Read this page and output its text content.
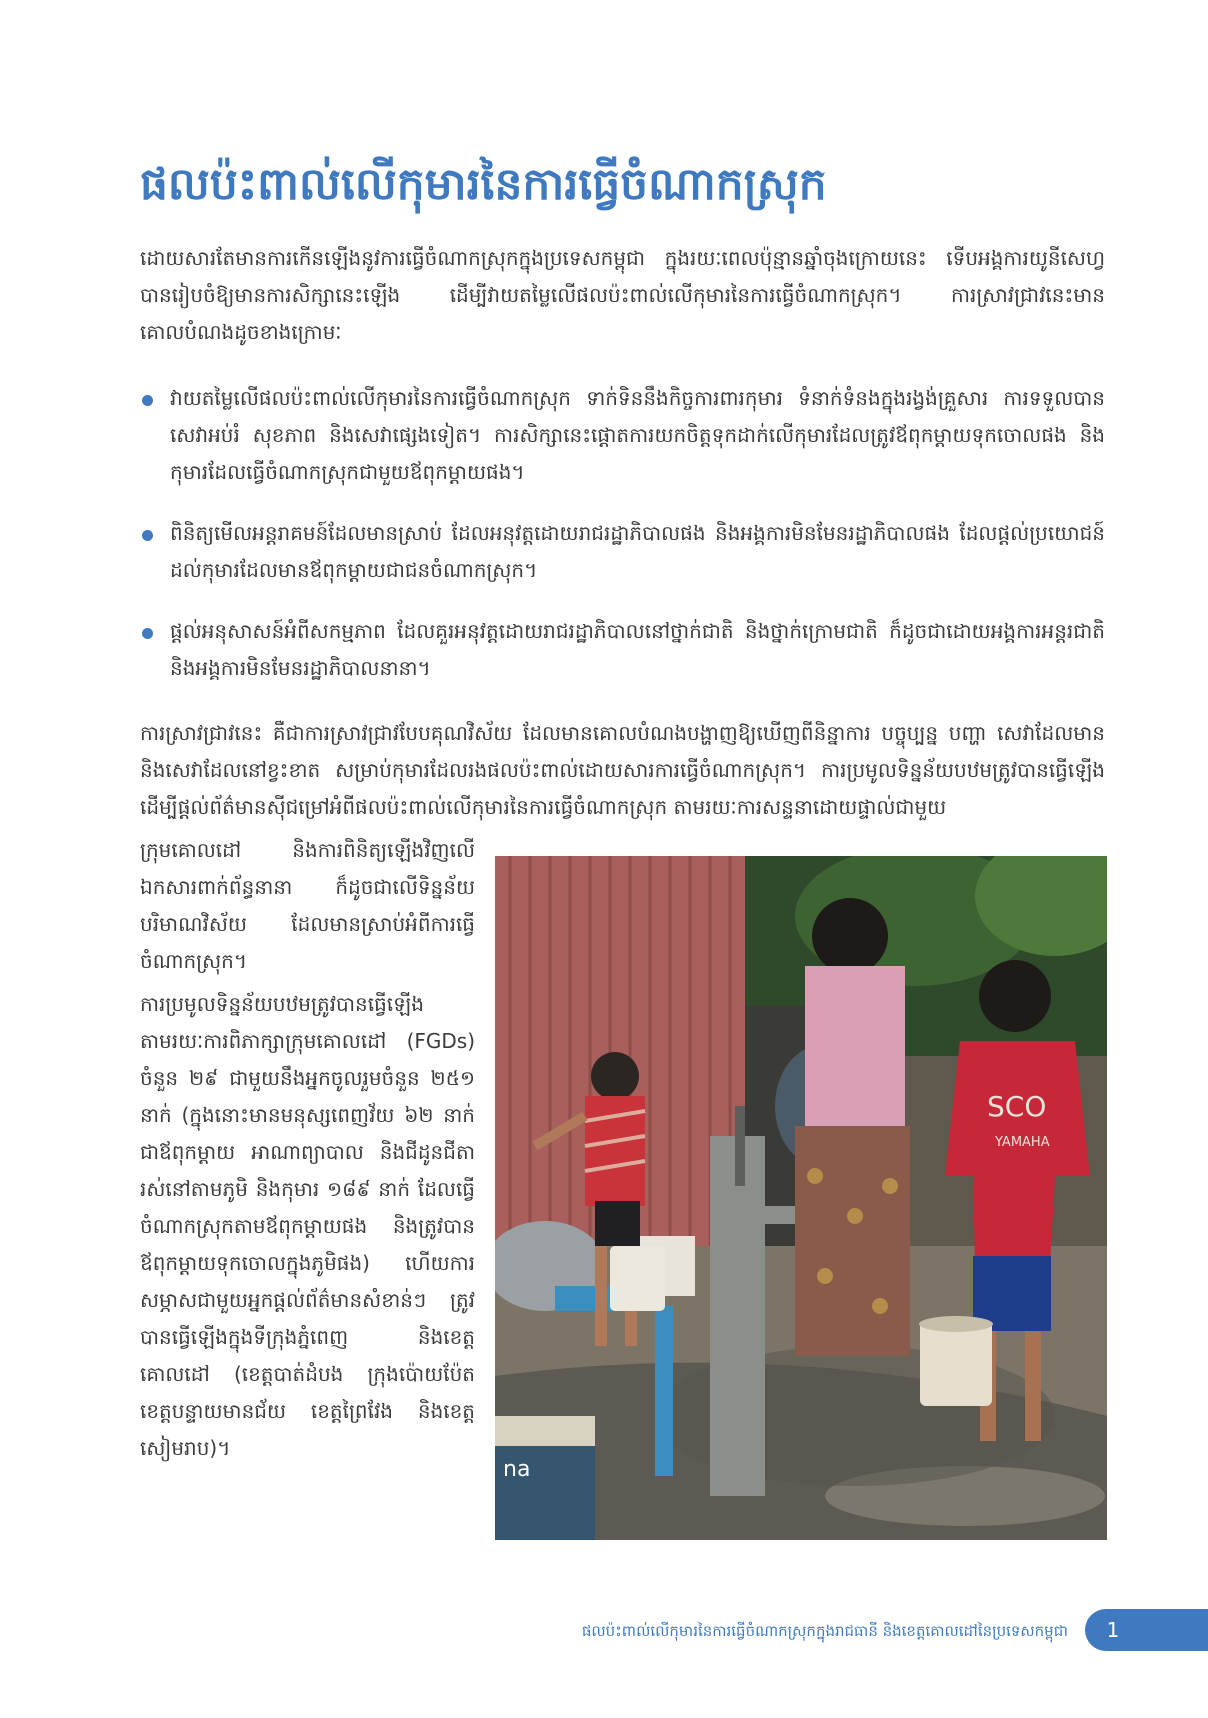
ផលប៉ះពាល់លើកុមារនៃការធ្វើចំណាកស្រុក

ដោយសារតែមានការកើនឡើងនូវការធ្វើចំណាកស្រុកក្នុងប្រទេសកម្ពុជា ក្នុងរយៈពេលប៉ុន្មានឆ្នាំចុងក្រោយនេះ ទើបអង្គការយូនីសេហ្វបានរៀបចំឱ្យមានការសិក្សានេះឡើង ដើម្បីវាយតម្លៃលើផលប៉ះពាល់លើកុមារនៃការធ្វើចំណាកស្រុក។ ការស្រាវជ្រាវនេះមានគោលបំណងដូចខាងក្រោមៈ

វាយតម្លៃលើផលប៉ះពាល់លើកុមារនៃការធ្វើចំណាកស្រុក ទាក់ទិននឹងកិច្ចការពារកុមារ ទំនាក់ទំនងក្នុងរង្វង់គ្រួសារ ការទទួលបានសេវាអប់រំ សុខភាព និងសេវាផ្សេងទៀត។ ការសិក្សានេះផ្តោតការយកចិត្តទុកដាក់លើកុមារដែលត្រូវឪពុកម្តាយទុកចោលផង និងកុមារដែលធ្វើចំណាកស្រុកជាមួយឪពុកម្តាយផង។
ពិនិត្យមើលអន្តរាគមន៍ដែលមានស្រាប់ ដែលអនុវត្តដោយរាជរដ្ឋាភិបាលផង និងអង្គការមិនមែនរដ្ឋាភិបាលផង ដែលផ្តល់ប្រយោជន៍ដល់កុមារដែលមានឪពុកម្តាយជាជនចំណាកស្រុក។
ផ្តល់អនុសាសន៍អំពីសកម្មភាព ដែលគួរអនុវត្តដោយរាជរដ្ឋាភិបាលនៅថ្នាក់ជាតិ និងថ្នាក់ក្រោមជាតិ ក៏ដូចជាដោយអង្គការអន្តរជាតិ និងអង្គការមិនមែនរដ្ឋាភិបាលនានា។

ការស្រាវជ្រាវនេះ គឺជាការស្រាវជ្រាវបែបគុណវិស័យ ដែលមានគោលបំណងបង្ហាញឱ្យឃើញពីនិន្នាការ បច្ចុប្បន្ន បញ្ហា សេវាដែលមាន និងសេវាដែលនៅខ្វះខាត សម្រាប់កុមារដែលរងផលប៉ះពាល់ដោយសារការធ្វើចំណាកស្រុក។ ការប្រមូលទិន្នន័យបឋមត្រូវបានធ្វើឡើង ដើម្បីផ្តល់ព័ត៌មានស៊ីជម្រៅអំពីផលប៉ះពាល់លើកុមារនៃការធ្វើចំណាកស្រុក តាមរយៈការសន្ទនាដោយផ្ទាល់ជាមួយ

ក្រុមគោលដៅ និងការពិនិត្យឡើងវិញលើឯកសារពាក់ព័ន្ធនានា ក៏ដូចជាលើទិន្នន័យបរិមាណវិស័យ ដែលមានស្រាប់អំពីការធ្វើចំណាកស្រុក។

ការប្រមូលទិន្នន័យបឋមត្រូវបានធ្វើឡើងតាមរយៈការពិភាក្សាក្រុមគោលដៅ (FGDs) ចំនួន ២៩ ជាមួយនឹងអ្នកចូលរួមចំនួន ២៥១ នាក់ (ក្នុងនោះមានមនុស្សពេញវ័យ ៦២ នាក់ ជាឪពុកម្តាយ អាណាព្យាបាល និងជីដូនជីតារស់នៅតាមភូមិ និងកុមារ ១៨៩ នាក់ ដែលធ្វើចំណាកស្រុកតាមឪពុកម្តាយផង និងត្រូវបានឪពុកម្តាយទុកចោលក្នុងភូមិផង) ហើយការសម្ភាសជាមួយអ្នកផ្តល់ព័ត៌មានសំខាន់ៗ ត្រូវបានធ្វើឡើងក្នុងទីក្រុងភ្នំពេញ និងខេត្តគោលដៅ (ខេត្តបាត់ដំបង ក្រុងប៉ោយប៉ែត ខេត្តបន្ទាយមានជ័យ ខេត្តព្រៃវែង និងខេត្តសៀមរាប)។

na
SCO
YAMAHA
ផលប៉ះពាល់លើកុមារនៃការធ្វើចំណាកស្រុកក្នុងរាជធានី និងខេត្តគោលដៅនៃប្រទេសកម្ពុជា	1
